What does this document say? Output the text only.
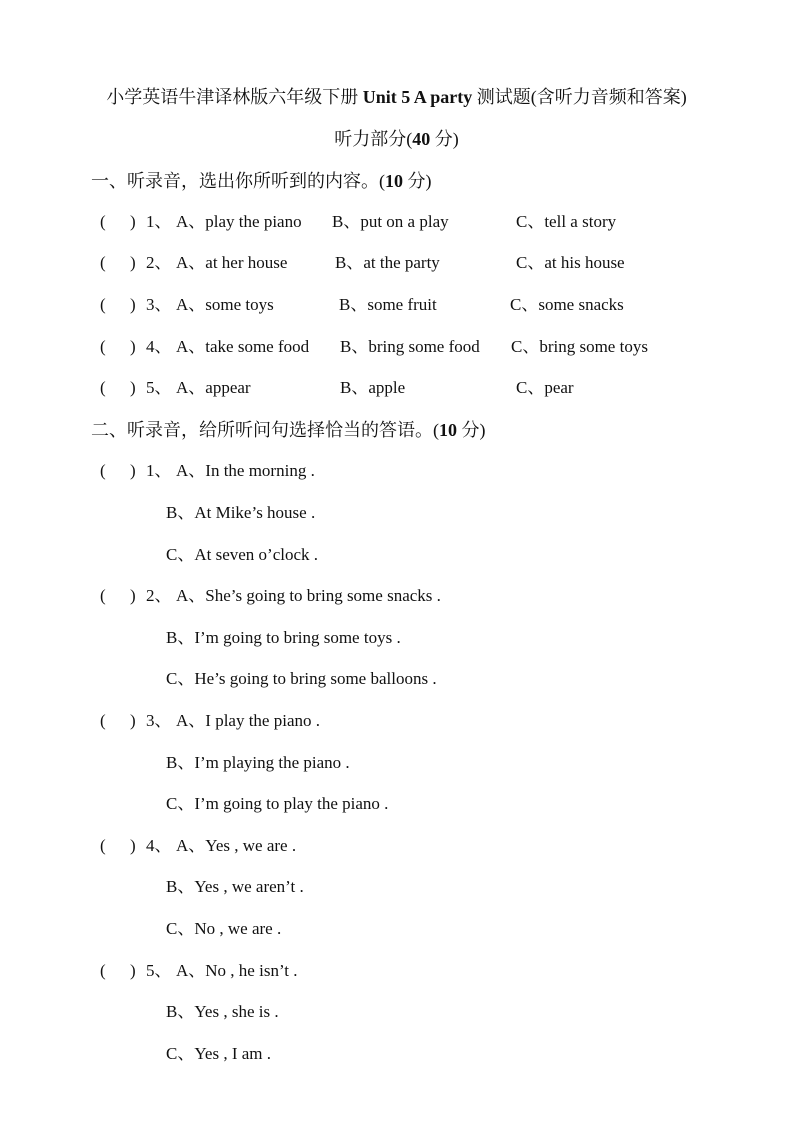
小学英语牛津译林版六年级下册 Unit 5 A party 测试题(含听力音频和答案)
听力部分(40 分)
一、听录音，选出你所听到的内容。(10 分)
( ) 1、 A、play the piano B、put on a play	C、tell a story
( ) 2、 A、at her house	B、at the party	C、at his house
( ) 3、 A、some toys	B、some fruit	C、some snacks
( ) 4、 A、take some food B、bring some food C、bring some toys
( ) 5、 A、appear	B、apple	C、pear
二、听录音，给所听问句选择恰当的答语。(10 分)
( ) 1、 A、In the morning .
B、At Mike’s house .
C、At seven o’clock .
( ) 2、 A、She’s going to bring some snacks .
B、I’m going to bring some toys .
C、He’s going to bring some balloons .
( ) 3、 A、I play the piano .
B、I’m playing the piano .
C、I’m going to play the piano .
( ) 4、 A、Yes , we are .
B、Yes , we aren’t .
C、No , we are .
( ) 5、 A、No , he isn’t .
B、Yes , she is .
C、Yes , I am .
